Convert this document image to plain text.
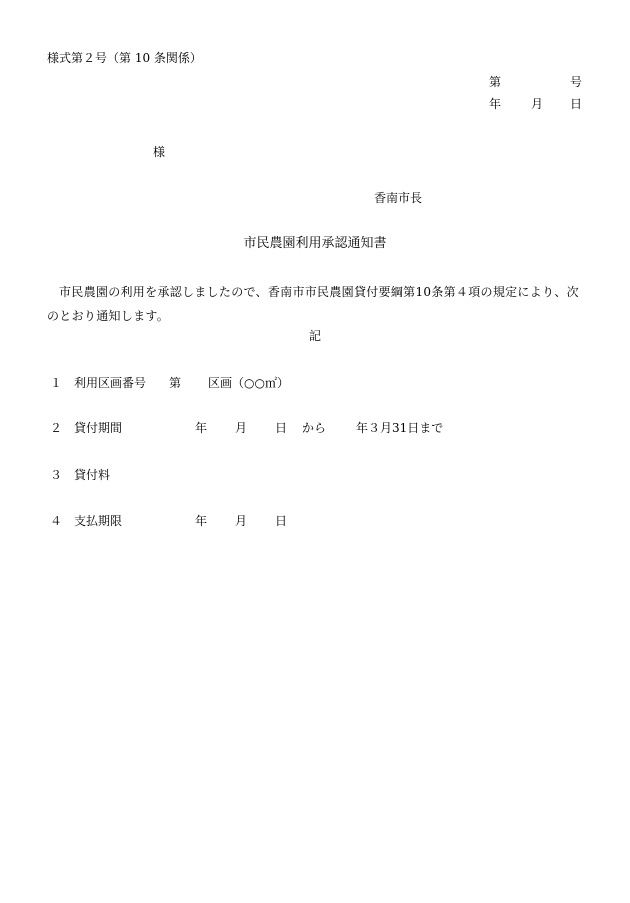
様式第２号（第 10 条関係）
第	号
年 月 日
様
香南市長
市民農園利用承認通知書
市民農園の利用を承認しましたので、香南市市民農園貸付要綱第10条第４項の規定により、次のとおり通知します。
記
１ 利用区画番号 第 区画（○○㎡）
２ 貸付期間	年 月 日 から 年３月31日まで
３ 貸付料
４ 支払期限	年 月 日
